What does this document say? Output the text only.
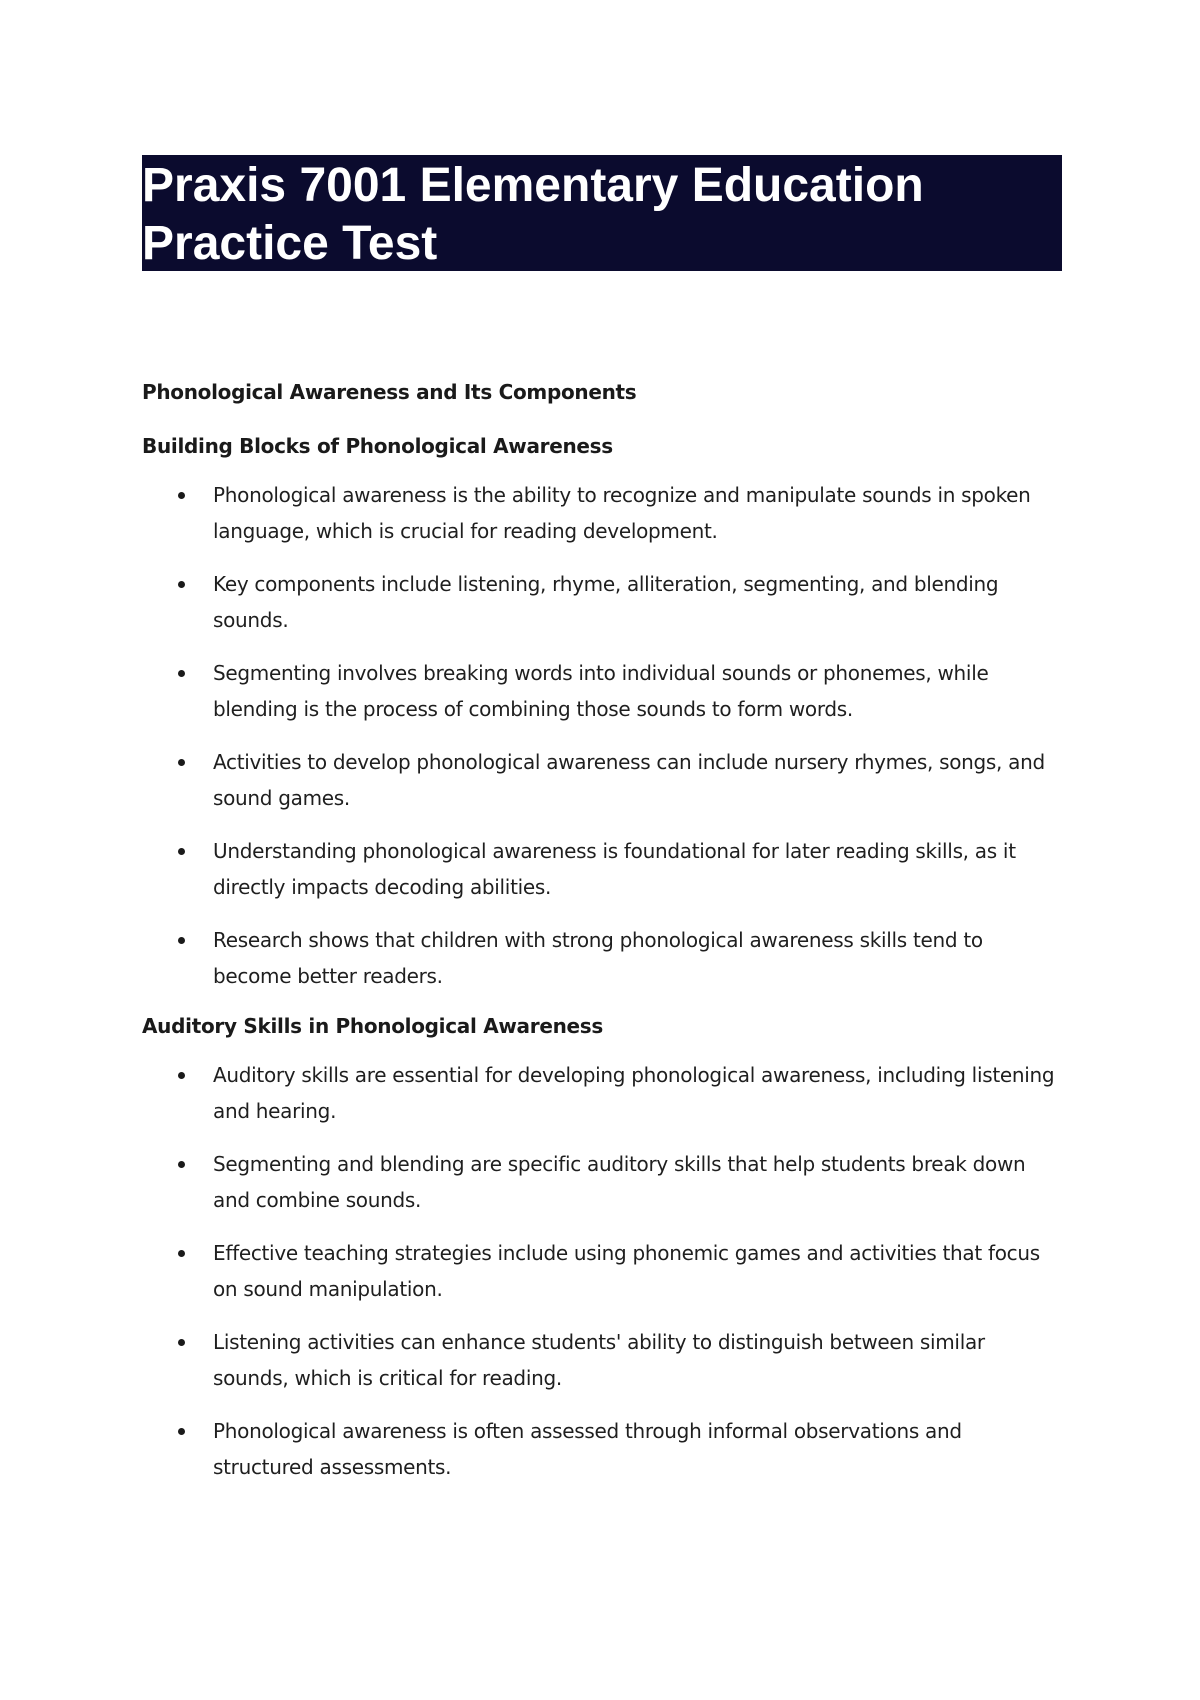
Praxis 7001 Elementary Education
Practice Test
Phonological Awareness and Its Components
Building Blocks of Phonological Awareness
Phonological awareness is the ability to recognize and manipulate sounds in spoken language, which is crucial for reading development.
Key components include listening, rhyme, alliteration, segmenting, and blending sounds.
Segmenting involves breaking words into individual sounds or phonemes, while blending is the process of combining those sounds to form words.
Activities to develop phonological awareness can include nursery rhymes, songs, and sound games.
Understanding phonological awareness is foundational for later reading skills, as it directly impacts decoding abilities.
Research shows that children with strong phonological awareness skills tend to become better readers.
Auditory Skills in Phonological Awareness
Auditory skills are essential for developing phonological awareness, including listening and hearing.
Segmenting and blending are specific auditory skills that help students break down and combine sounds.
Effective teaching strategies include using phonemic games and activities that focus on sound manipulation.
Listening activities can enhance students' ability to distinguish between similar sounds, which is critical for reading.
Phonological awareness is often assessed through informal observations and structured assessments.
